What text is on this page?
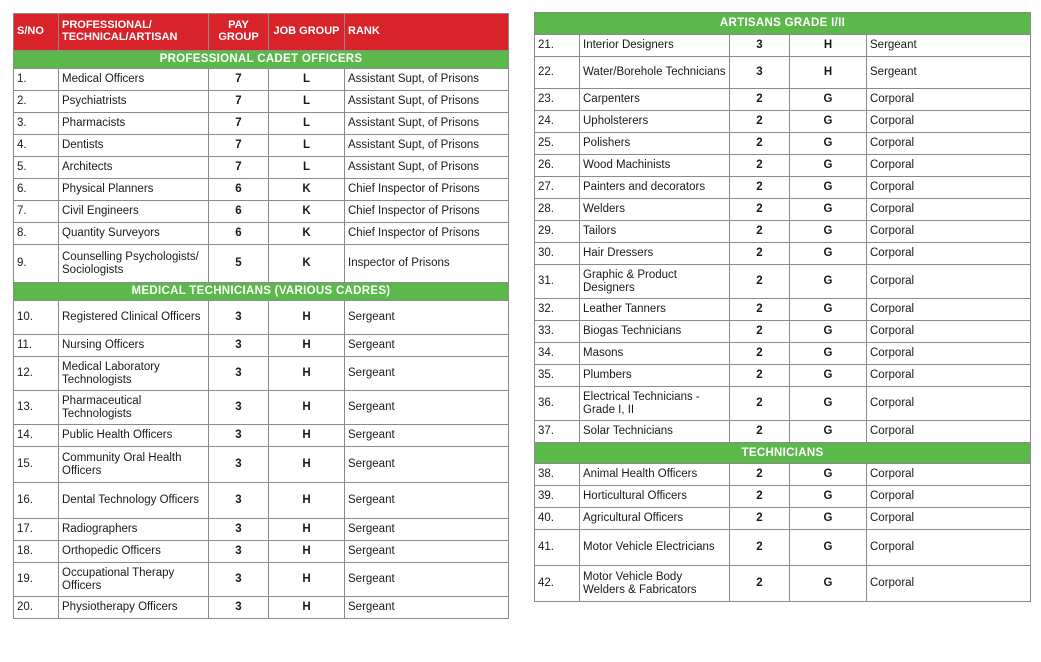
S/NO	PROFESSIONAL/ TECHNICAL/ARTISAN	PAY GROUP	JOB GROUP	RANK
PROFESSIONAL CADET OFFICERS				
1.	Medical Officers	7	L	Assistant Supt, of Prisons
2.	Psychiatrists	7	L	Assistant Supt, of Prisons
3.	Pharmacists	7	L	Assistant Supt, of Prisons
4.	Dentists	7	L	Assistant Supt, of Prisons
5.	Architects	7	L	Assistant Supt, of Prisons
6.	Physical Planners	6	K	Chief Inspector of Prisons
7.	Civil Engineers	6	K	Chief Inspector of Prisons
8.	Quantity Surveyors	6	K	Chief Inspector of Prisons
9.	Counselling Psychologists/ Sociologists	5	K	Inspector of Prisons
MEDICAL TECHNICIANS (VARIOUS CADRES)				
10.	Registered Clinical Officers	3	H	Sergeant
11.	Nursing Officers	3	H	Sergeant
12.	Medical Laboratory Technologists	3	H	Sergeant
13.	Pharmaceutical Technologists	3	H	Sergeant
14.	Public Health Officers	3	H	Sergeant
15.	Community Oral Health Officers	3	H	Sergeant
16.	Dental Technology Officers	3	H	Sergeant
17.	Radiographers	3	H	Sergeant
18.	Orthopedic Officers	3	H	Sergeant
19.	Occupational Therapy Officers	3	H	Sergeant
20.	Physiotherapy Officers	3	H	Sergeant
ARTISANS GRADE I/II				
21.	Interior Designers	3	H	Sergeant
22.	Water/Borehole Technicians	3	H	Sergeant
23.	Carpenters	2	G	Corporal
24.	Upholsterers	2	G	Corporal
25.	Polishers	2	G	Corporal
26.	Wood Machinists	2	G	Corporal
27.	Painters and decorators	2	G	Corporal
28.	Welders	2	G	Corporal
29.	Tailors	2	G	Corporal
30.	Hair Dressers	2	G	Corporal
31.	Graphic & Product Designers	2	G	Corporal
32.	Leather Tanners	2	G	Corporal
33.	Biogas Technicians	2	G	Corporal
34.	Masons	2	G	Corporal
35.	Plumbers	2	G	Corporal
36.	Electrical Technicians -Grade I, II	2	G	Corporal
37.	Solar Technicians	2	G	Corporal
TECHNICIANS				
38.	Animal Health Officers	2	G	Corporal
39.	Horticultural Officers	2	G	Corporal
40.	Agricultural Officers	2	G	Corporal
41.	Motor Vehicle Electricians	2	G	Corporal
42.	Motor Vehicle Body Welders & Fabricators	2	G	Corporal
